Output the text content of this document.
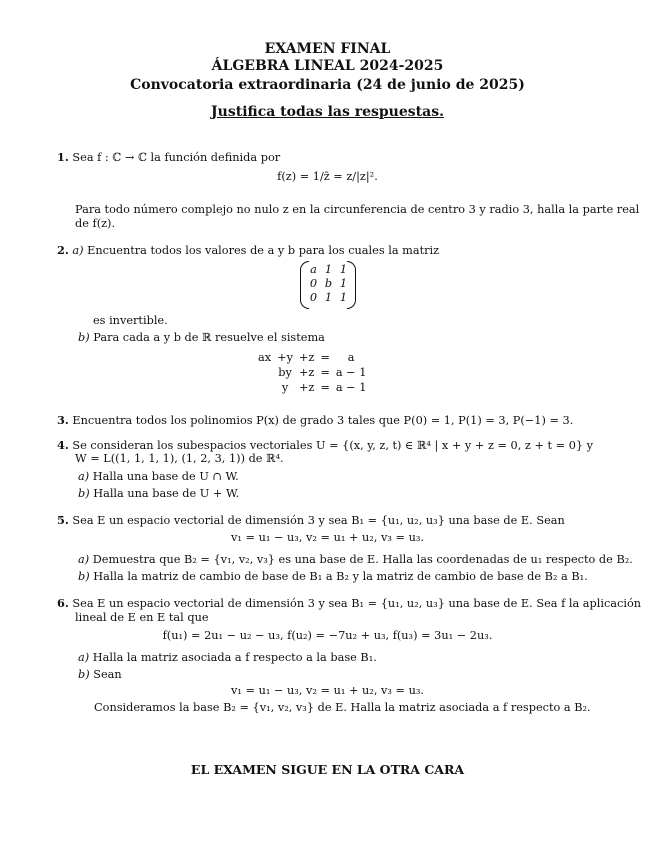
EXAMEN FINAL
ÁLGEBRA LINEAL 2024-2025
Convocatoria extraordinaria (24 de junio de 2025)
Justifica todas las respuestas.
1. Sea f : ℂ → ℂ la función definida por
f(z) = 1/z̄ = z/|z|².
Para todo número complejo no nulo z en la circunferencia de centro 3 y radio 3, halla la parte real
de f(z).
2. a) Encuentra todos los valores de a y b para los cuales la matriz
a	1	1
0	b	1
0	1	1
es invertible.
b) Para cada a y b de ℝ resuelve el sistema
ax	+y	+z	=	a
	by	+z	=	a − 1
	y	+z	=	a − 1
3. Encuentra todos los polinomios P(x) de grado 3 tales que P(0) = 1, P(1) = 3, P(−1) = 3.
4. Se consideran los subespacios vectoriales U = {(x, y, z, t) ∈ ℝ⁴ | x + y + z = 0, z + t = 0} y
W = L((1, 1, 1, 1), (1, 2, 3, 1)) de ℝ⁴.
a) Halla una base de U ∩ W.
b) Halla una base de U + W.
5. Sea E un espacio vectorial de dimensión 3 y sea B₁ = {u₁, u₂, u₃} una base de E. Sean
v₁ = u₁ − u₃, v₂ = u₁ + u₂, v₃ = u₃.
a) Demuestra que B₂ = {v₁, v₂, v₃} es una base de E. Halla las coordenadas de u₁ respecto de B₂.
b) Halla la matriz de cambio de base de B₁ a B₂ y la matriz de cambio de base de B₂ a B₁.
6. Sea E un espacio vectorial de dimensión 3 y sea B₁ = {u₁, u₂, u₃} una base de E. Sea f la aplicación
lineal de E en E tal que
f(u₁) = 2u₁ − u₂ − u₃, f(u₂) = −7u₂ + u₃, f(u₃) = 3u₁ − 2u₃.
a) Halla la matriz asociada a f respecto a la base B₁.
b) Sean
v₁ = u₁ − u₃, v₂ = u₁ + u₂, v₃ = u₃.
Consideramos la base B₂ = {v₁, v₂, v₃} de E. Halla la matriz asociada a f respecto a B₂.
EL EXAMEN SIGUE EN LA OTRA CARA
